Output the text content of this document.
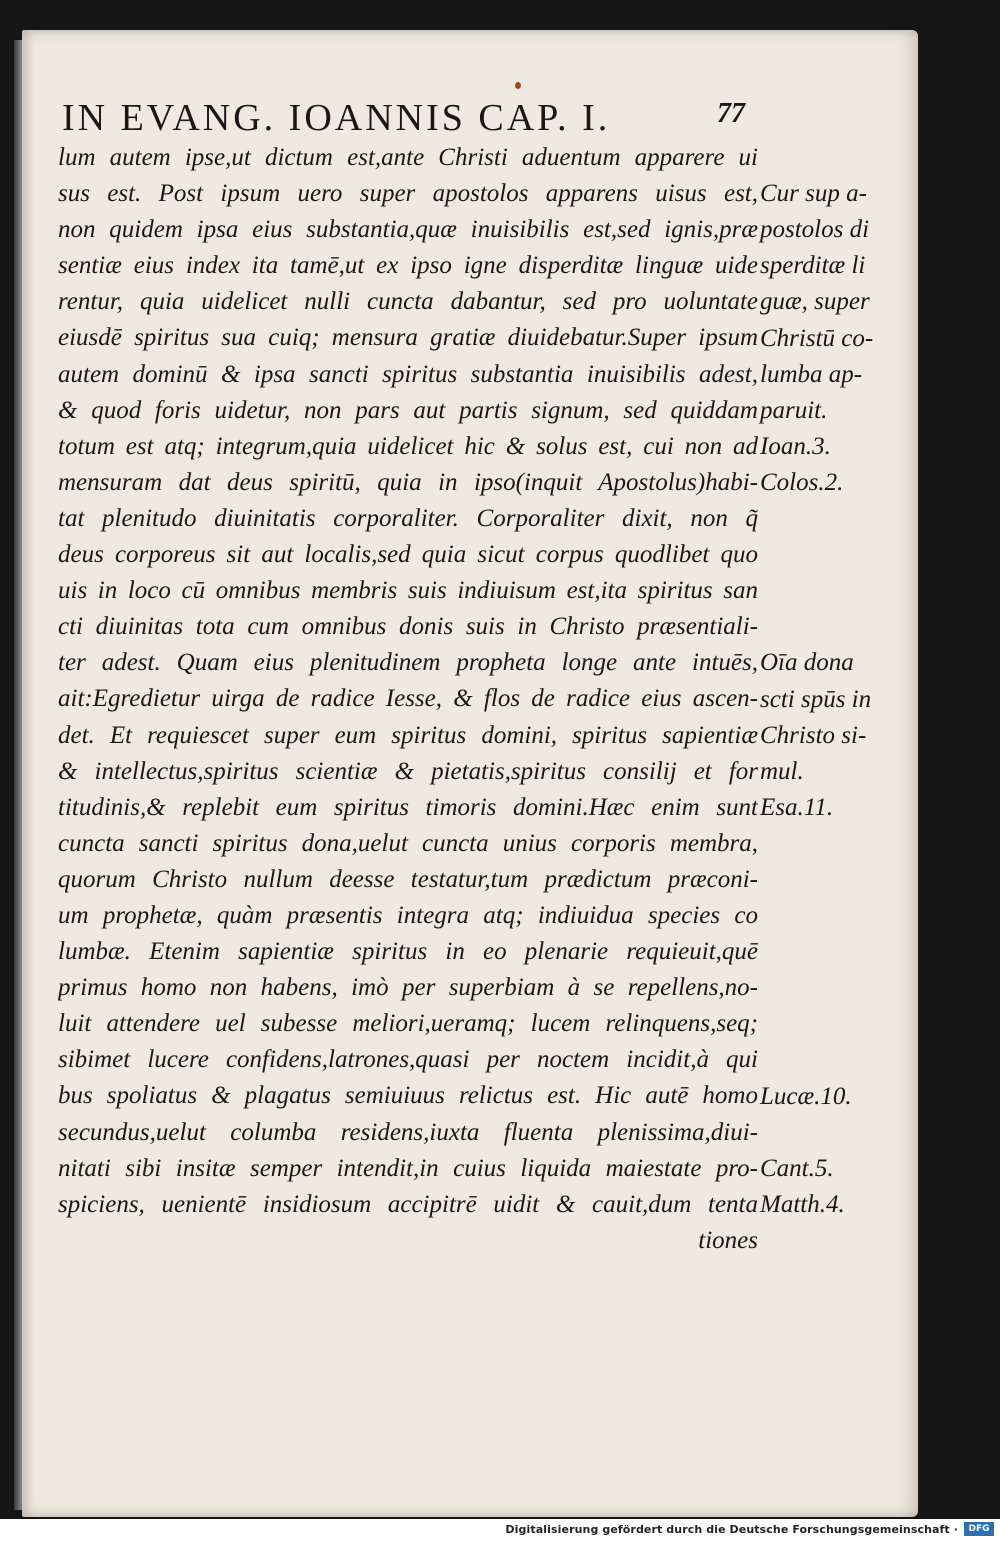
IN EVANG. IOANNIS CAP. I.	77
lum autem ipse,ut dictum est,ante Christi aduentum apparere ui
sus est. Post ipsum uero super apostolos apparens uisus est,
non quidem ipsa eius substantia,quæ inuisibilis est,sed ignis,præ
sentiæ eius index ita tamē,ut ex ipso igne disperditæ linguæ uide
rentur, quia uidelicet nulli cuncta dabantur, sed pro uoluntate
eiusdē spiritus sua cuiq; mensura gratiæ diuidebatur.Super ipsum
autem dominū & ipsa sancti spiritus substantia inuisibilis adest,
& quod foris uidetur, non pars aut partis signum, sed quiddam
totum est atq; integrum,quia uidelicet hic & solus est, cui non ad
mensuram dat deus spiritū, quia in ipso(inquit Apostolus)habi-
tat plenitudo diuinitatis corporaliter. Corporaliter dixit, non q̃
deus corporeus sit aut localis,sed quia sicut corpus quodlibet quo
uis in loco cū omnibus membris suis indiuisum est,ita spiritus san
cti diuinitas tota cum omnibus donis suis in Christo præsentiali-
ter adest. Quam eius plenitudinem propheta longe ante intuēs,
ait:Egredietur uirga de radice Iesse, & flos de radice eius ascen-
det. Et requiescet super eum spiritus domini, spiritus sapientiæ
& intellectus,spiritus scientiæ & pietatis,spiritus consilij et for
titudinis,& replebit eum spiritus timoris domini.Hæc enim sunt
cuncta sancti spiritus dona,uelut cuncta unius corporis membra,
quorum Christo nullum deesse testatur,tum prædictum præconi-
um prophetæ, quàm præsentis integra atq; indiuidua species co
lumbæ. Etenim sapientiæ spiritus in eo plenarie requieuit,quē
primus homo non habens, imò per superbiam à se repellens,no-
luit attendere uel subesse meliori,ueramq; lucem relinquens,seq;
sibimet lucere confidens,latrones,quasi per noctem incidit,à qui
bus spoliatus & plagatus semiuiuus relictus est. Hic autē homo
secundus,uelut columba residens,iuxta fluenta plenissima,diui-
nitati sibi insitæ semper intendit,in cuius liquida maiestate pro-
spiciens, uenientē insidiosum accipitrē uidit & cauit,dum tenta
tiones
Cur sup a-
postolos di
sperditæ li
guæ, super
Christū co-
lumba ap-
paruit.
Ioan.3.
Colos.2.
Oīa dona
scti spūs in
Christo si-
mul.
Esa.11.
Lucæ.10.
Cant.5.
Matth.4.
Digitalisierung gefördert durch die Deutsche Forschungsgemeinschaft ·	DFG
